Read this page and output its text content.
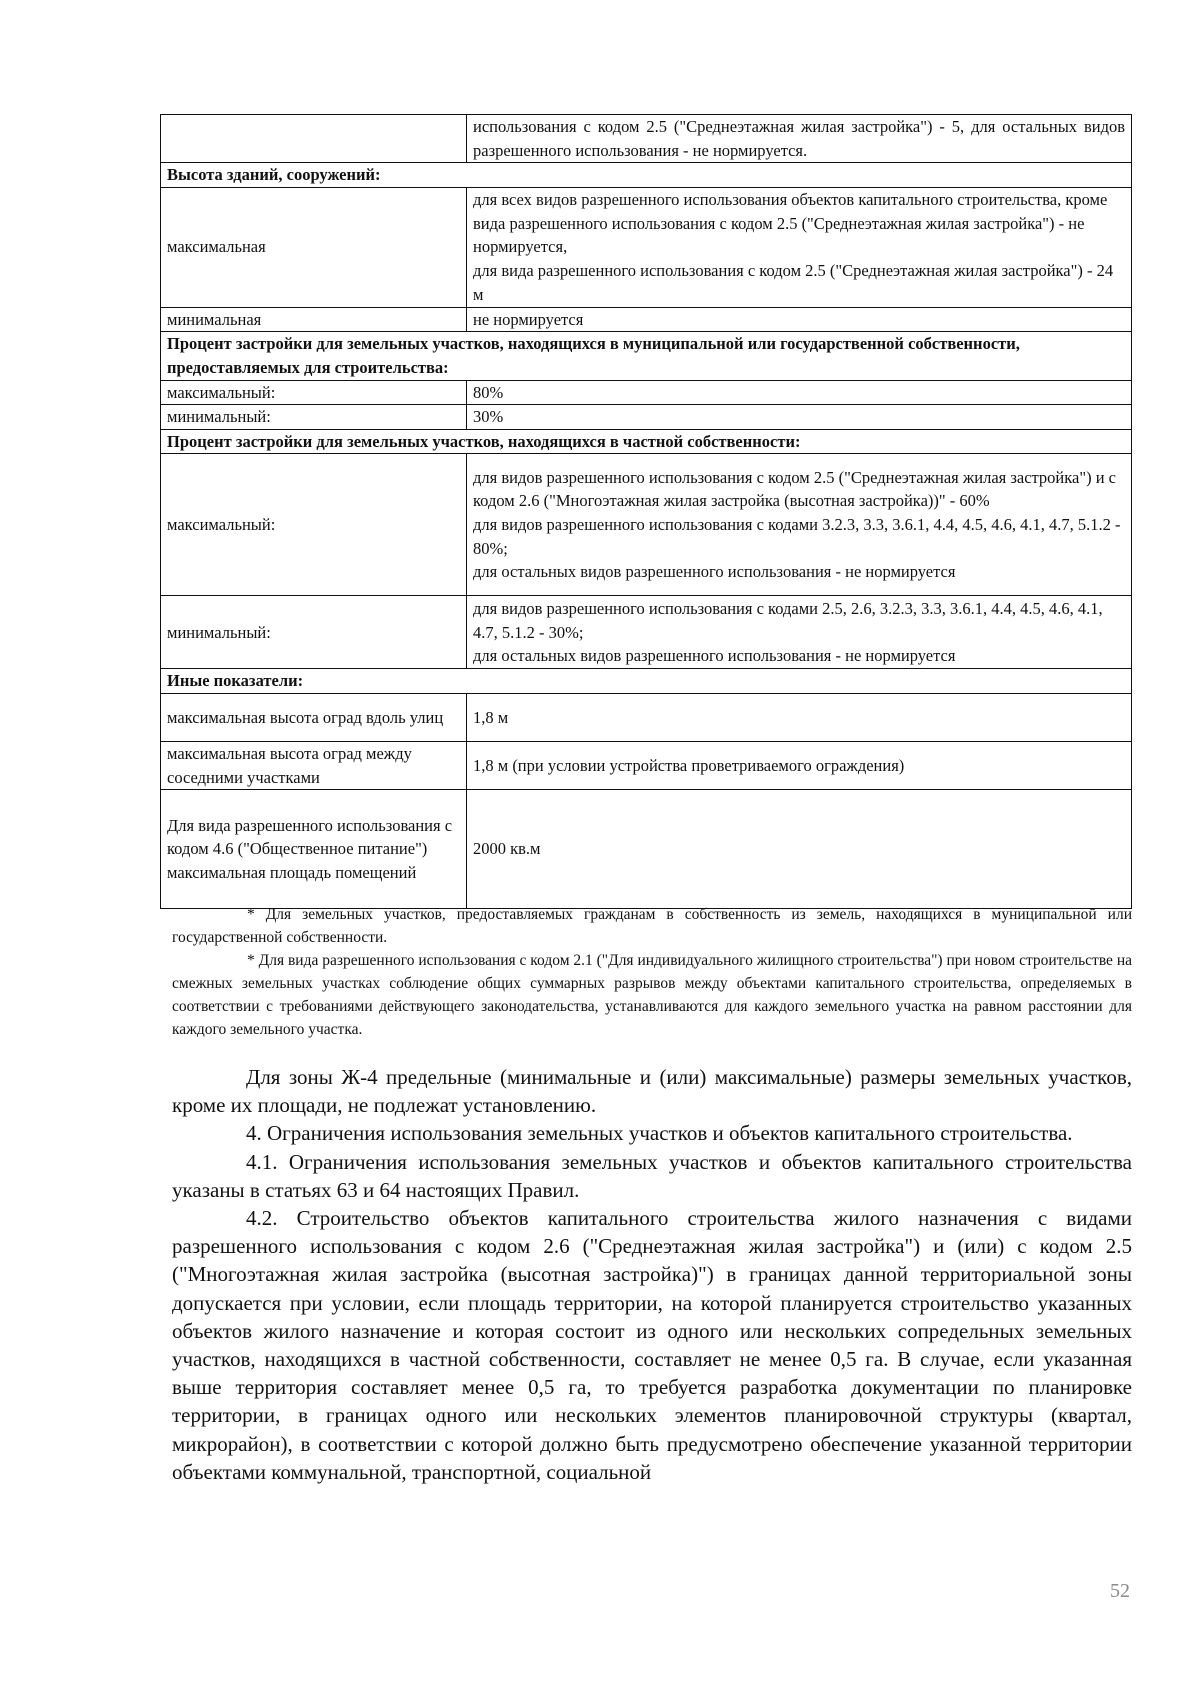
	использования с кодом 2.5 ("Среднеэтажная жилая застройка") - 5, для остальных видов разрешенного использования - не нормируется.
Высота зданий, сооружений:	
максимальная	для всех видов разрешенного использования объектов капитального строительства, кроме вида разрешенного использования с кодом 2.5 ("Среднеэтажная жилая застройка") - не нормируется,
для вида разрешенного использования с кодом 2.5 ("Среднеэтажная жилая застройка") - 24 м

минимальная	не нормируется
Процент застройки для земельных участков, находящихся в муниципальной или государственной собственности, предоставляемых для строительства:	
максимальный:	80%
минимальный:	30%
Процент застройки для земельных участков, находящихся в частной собственности:	
максимальный:	для видов разрешенного использования с кодом 2.5 ("Среднеэтажная жилая застройка") и с кодом 2.6 ("Многоэтажная жилая застройка (высотная застройка))" - 60%
для видов разрешенного использования с кодами 3.2.3, 3.3, 3.6.1, 4.4, 4.5, 4.6, 4.1, 4.7, 5.1.2 - 80%;
для остальных видов разрешенного использования - не нормируется

минимальный:	для видов разрешенного использования с кодами 2.5, 2.6, 3.2.3, 3.3, 3.6.1, 4.4, 4.5, 4.6, 4.1, 4.7, 5.1.2 - 30%;
для остальных видов разрешенного использования - не нормируется

Иные показатели:	
максимальная высота оград вдоль улиц	1,8 м
максимальная высота оград между соседними участками	1,8 м (при условии устройства проветриваемого ограждения)
Для вида разрешенного использования с кодом 4.6 ("Общественное питание") максимальная площадь помещений	2000 кв.м

* Для земельных участков, предоставляемых гражданам в собственность из земель, находящихся в муниципальной или государственной собственности.

* Для вида разрешенного использования с кодом 2.1 ("Для индивидуального жилищного строительства") при новом строительстве на смежных земельных участках соблюдение общих суммарных разрывов между объектами капитального строительства, определяемых в соответствии с требованиями действующего законодательства, устанавливаются для каждого земельного участка на равном расстоянии для каждого земельного участка.

Для зоны Ж-4 предельные (минимальные и (или) максимальные) размеры земельных участков, кроме их площади, не подлежат установлению.

4. Ограничения использования земельных участков и объектов капитального строительства.

4.1. Ограничения использования земельных участков и объектов капитального строительства указаны в статьях 63 и 64 настоящих Правил.

4.2. Строительство объектов капитального строительства жилого назначения с видами разрешенного использования с кодом 2.6 ("Среднеэтажная жилая застройка") и (или) с кодом 2.5 ("Многоэтажная жилая застройка (высотная застройка)") в границах данной территориальной зоны допускается при условии, если площадь территории, на которой планируется строительство указанных объектов жилого назначение и которая состоит из одного или нескольких сопредельных земельных участков, находящихся в частной собственности, составляет не менее 0,5 га. В случае, если указанная выше территория составляет менее 0,5 га, то требуется разработка документации по планировке территории, в границах одного или нескольких элементов планировочной структуры (квартал, микрорайон), в соответствии с которой должно быть предусмотрено обеспечение указанной территории объектами коммунальной, транспортной, социальной

52
